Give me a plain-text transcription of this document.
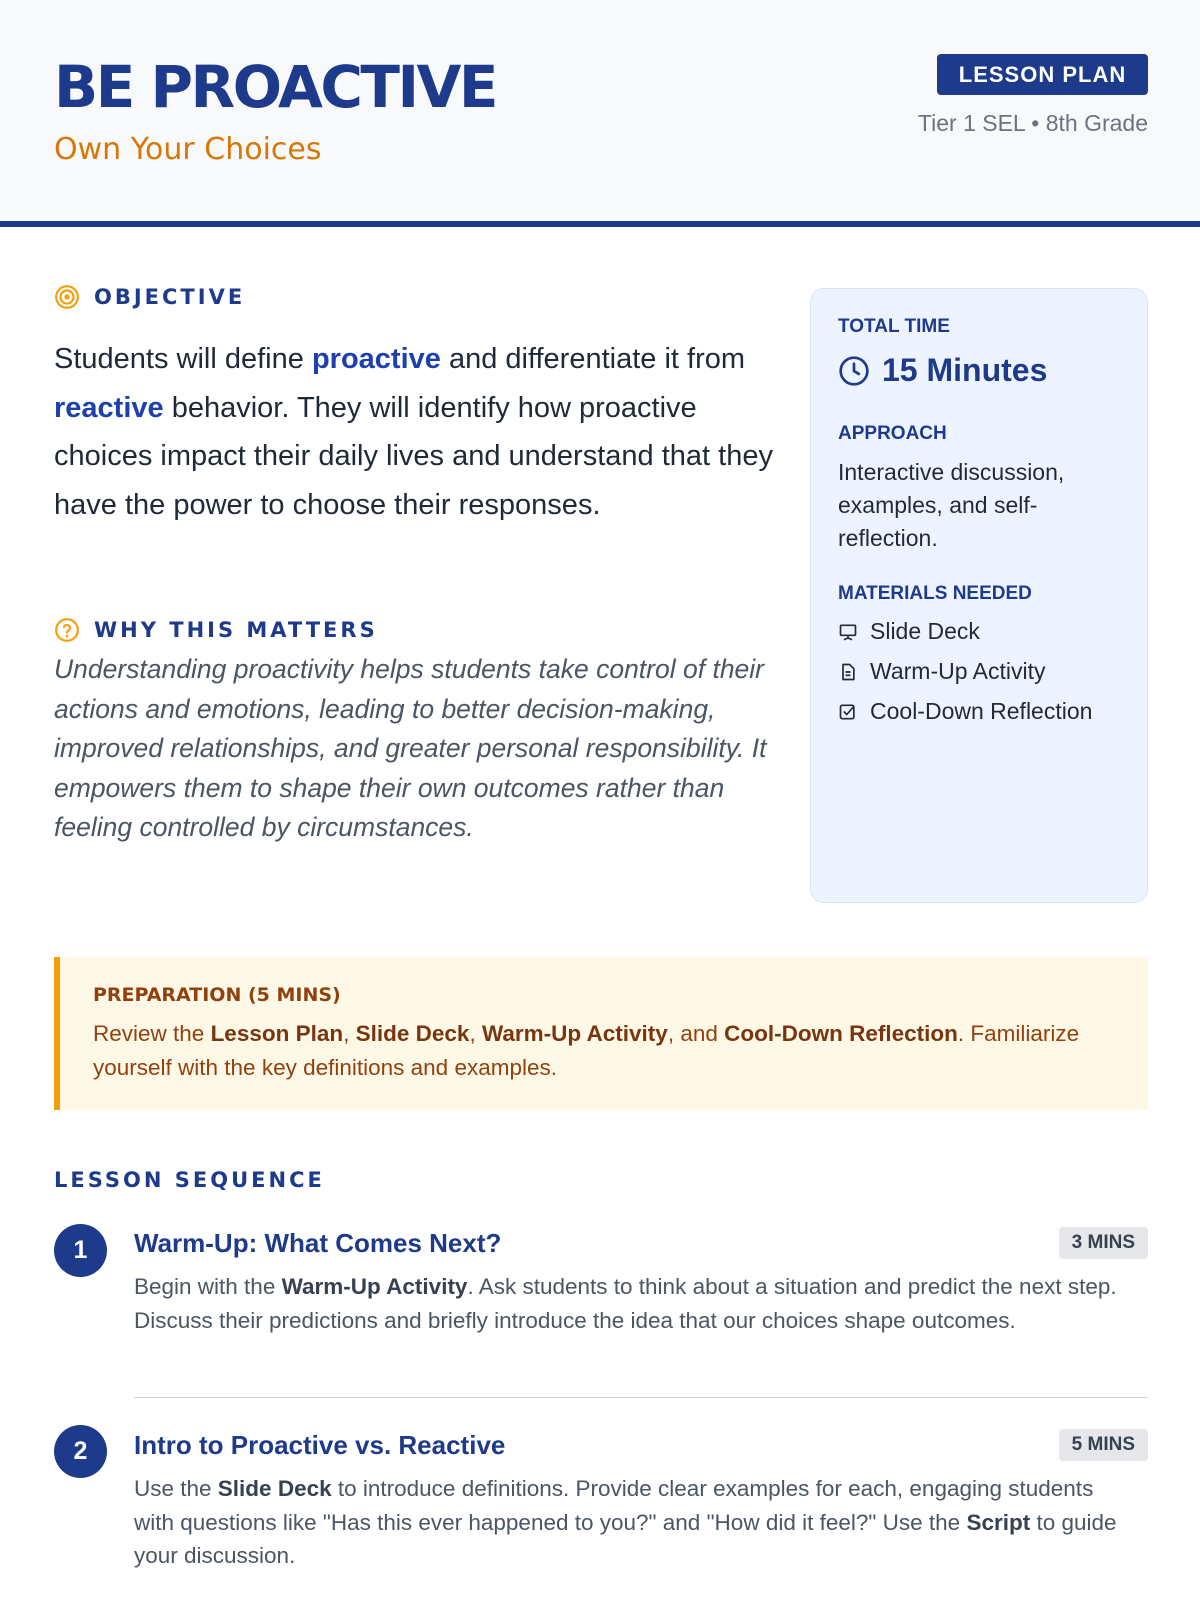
BE PROACTIVE
Own Your Choices
LESSON PLAN
Tier 1 SEL • 8th Grade
OBJECTIVE
Students will define proactive and differentiate it from reactive behavior. They will identify how proactive choices impact their daily lives and understand that they have the power to choose their responses.
WHY THIS MATTERS
Understanding proactivity helps students take control of their actions and emotions, leading to better decision-making, improved relationships, and greater personal responsibility. It empowers them to shape their own outcomes rather than feeling controlled by circumstances.
TOTAL TIME
15 Minutes
APPROACH
Interactive discussion, examples, and self-reflection.
MATERIALS NEEDED
Slide Deck
Warm-Up Activity
Cool-Down Reflection
PREPARATION (5 MINS)
Review the Lesson Plan, Slide Deck, Warm-Up Activity, and Cool-Down Reflection. Familiarize yourself with the key definitions and examples.
LESSON SEQUENCE
1	Warm-Up: What Comes Next?	3 MINS
Begin with the Warm-Up Activity. Ask students to think about a situation and predict the next step. Discuss their predictions and briefly introduce the idea that our choices shape outcomes.
2	Intro to Proactive vs. Reactive	5 MINS
Use the Slide Deck to introduce definitions. Provide clear examples for each, engaging students with questions like "Has this ever happened to you?" and "How did it feel?" Use the Script to guide your discussion.
